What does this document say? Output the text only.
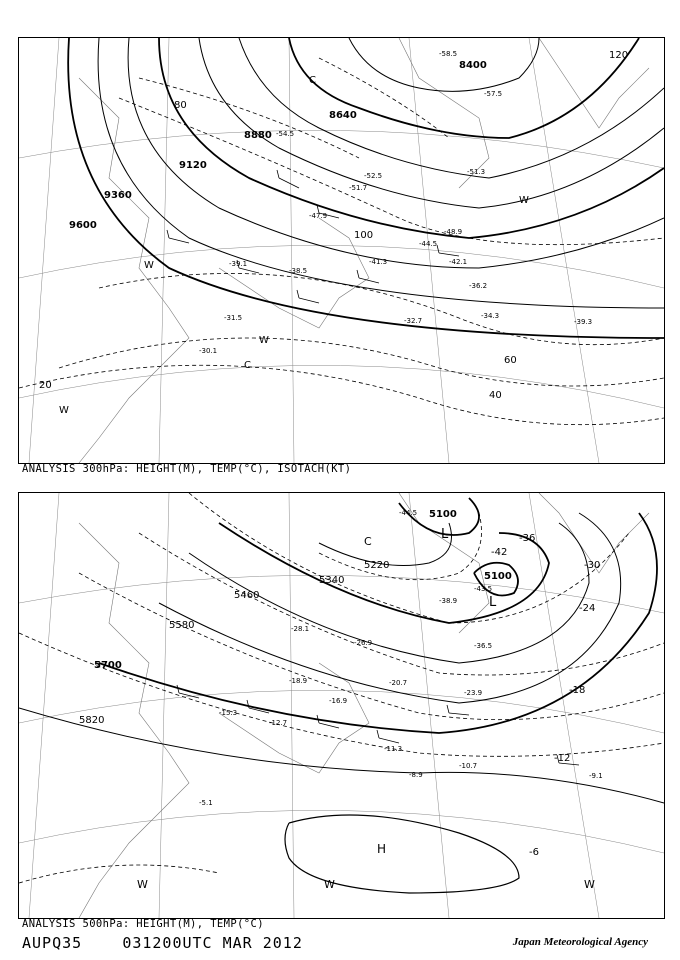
9600
9360
9120
8880
8640
8400
20
40
60
80
100
120
-30.1
-31.5	-32.7
-34.3
-36.2
-38.5
-39.1
-39.3
-41.3	-42.1
-44.5
-47.9
-48.9
-51.3
-51.7
-52.5
-54.5
-57.5
-58.5
W
W
W
W
C
C
ANALYSIS 300hPa: HEIGHT(M), TEMP(°C), ISOTACH(KT)
5820
5700
5580
5460
5340
5220
5100
5100
-6
-12
-18
-24
-30
-36
-42
-5.1
-8.9	-9.1
-10.7
-11.3
-12.7
-15.3
-16.9
-18.9	-20.7
-23.9
-26.9
-28.1
-36.5
-38.9
-43.5
-44.5
L
L
H
C
W	W	W
ANALYSIS 500hPa: HEIGHT(M), TEMP(°C)
AUPQ35	031200UTC MAR 2012	Japan Meteorological Agency
